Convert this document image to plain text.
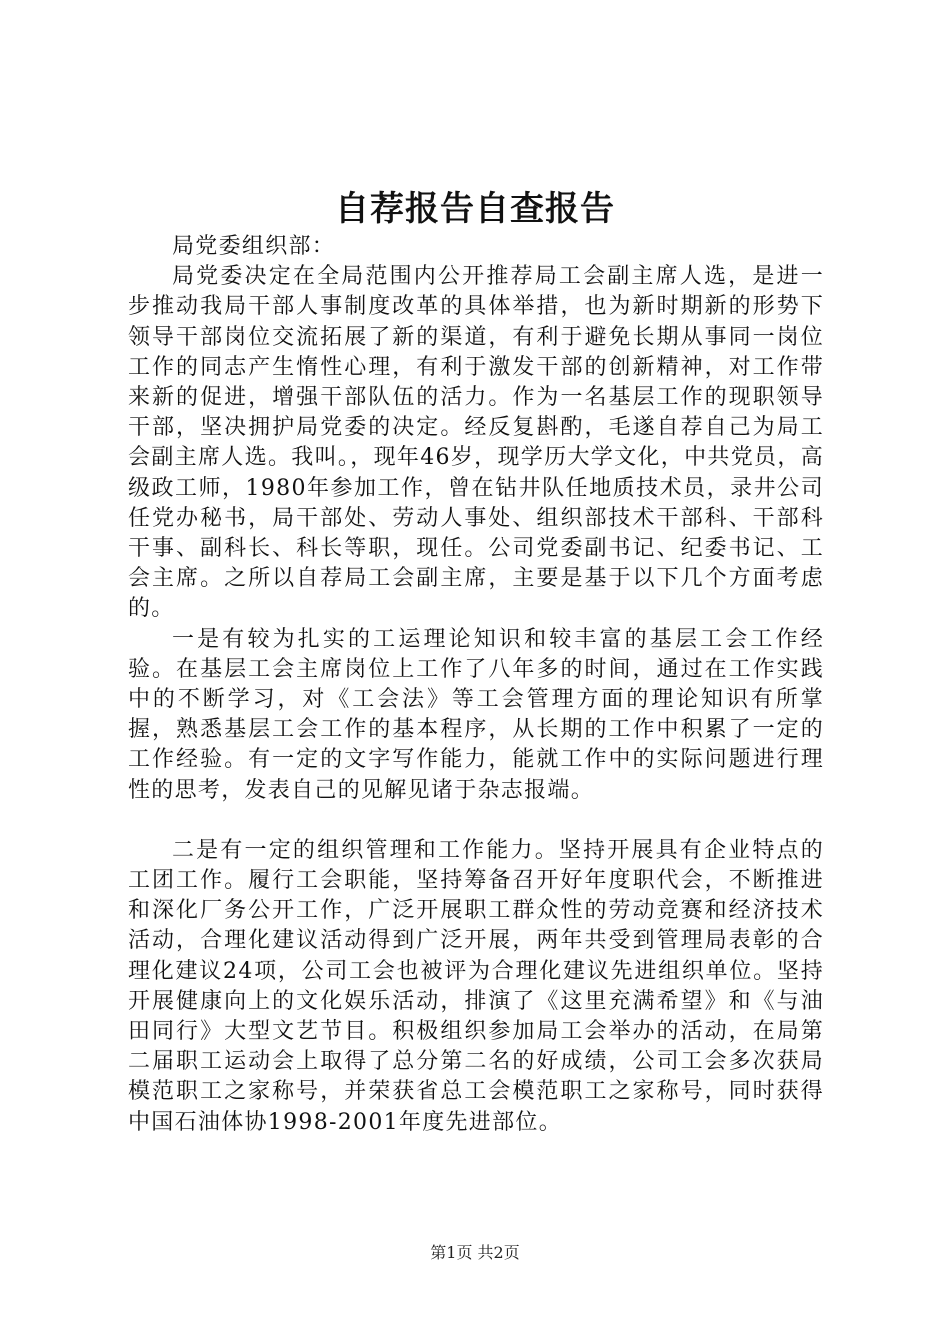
自荐报告自查报告

局党委组织部：

局党委决定在全局范围内公开推荐局工会副主席人选，是进一步推动我局干部人事制度改革的具体举措，也为新时期新的形势下领导干部岗位交流拓展了新的渠道，有利于避免长期从事同一岗位工作的同志产生惰性心理，有利于激发干部的创新精神，对工作带来新的促进，增强干部队伍的活力。作为一名基层工作的现职领导干部，坚决拥护局党委的决定。经反复斟酌，毛遂自荐自己为局工会副主席人选。我叫。，现年46岁，现学历大学文化，中共党员，高级政工师，1980年参加工作，曾在钻井队任地质技术员，录井公司任党办秘书，局干部处、劳动人事处、组织部技术干部科、干部科干事、副科长、科长等职，现任。公司党委副书记、纪委书记、工会主席。之所以自荐局工会副主席，主要是基于以下几个方面考虑的。

一是有较为扎实的工运理论知识和较丰富的基层工会工作经验。在基层工会主席岗位上工作了八年多的时间，通过在工作实践中的不断学习，对《工会法》等工会管理方面的理论知识有所掌握，熟悉基层工会工作的基本程序，从长期的工作中积累了一定的工作经验。有一定的文字写作能力，能就工作中的实际问题进行理性的思考，发表自己的见解见诸于杂志报端。

二是有一定的组织管理和工作能力。坚持开展具有企业特点的工团工作。履行工会职能，坚持筹备召开好年度职代会，不断推进和深化厂务公开工作，广泛开展职工群众性的劳动竞赛和经济技术活动，合理化建议活动得到广泛开展，两年共受到管理局表彰的合理化建议24项，公司工会也被评为合理化建议先进组织单位。坚持开展健康向上的文化娱乐活动，排演了《这里充满希望》和《与油田同行》大型文艺节目。积极组织参加局工会举办的活动，在局第二届职工运动会上取得了总分第二名的好成绩，公司工会多次获局模范职工之家称号，并荣获省总工会模范职工之家称号，同时获得中国石油体协1998-2001年度先进部位。

第1页 共2页
